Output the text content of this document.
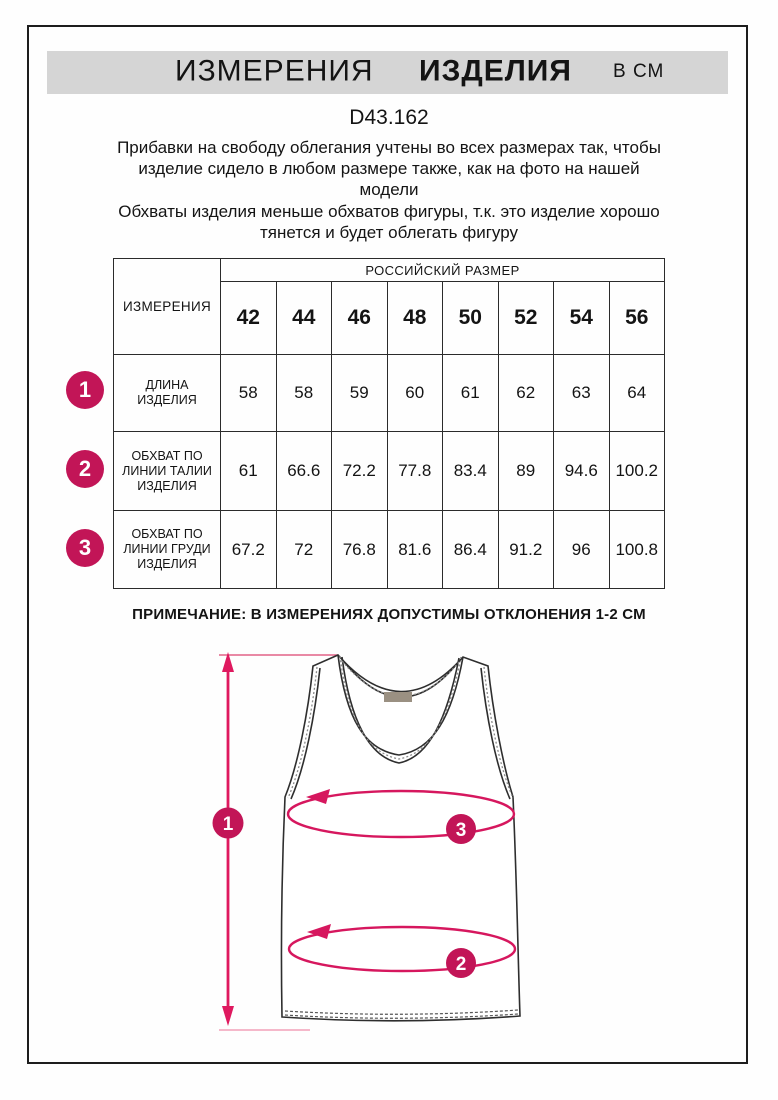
ИЗМЕРЕНИЯ ИЗДЕЛИЯ В СМ
D43.162
Прибавки на свободу облегания учтены во всех размерах так, чтобы
изделие сидело в любом размере также, как на фото на нашей
модели
Обхваты изделия меньше обхватов фигуры, т.к. это изделие хорошо
тянется и будет облегать фигуру
ИЗМЕРЕНИЯ	РОССИЙСКИЙ РАЗМЕР							
	42	44	46	48	50	52	54	56

ДЛИНА
ИЗДЕЛИЯ	58	58	59	60	61	62	63	64

ОБХВАТ ПО
ЛИНИИ ТАЛИИ
ИЗДЕЛИЯ	61	66.6	72.2	77.8	83.4	89	94.6	100.2

ОБХВАТ ПО
ЛИНИИ ГРУДИ
ИЗДЕЛИЯ	67.2	72	76.8	81.6	86.4	91.2	96	100.8
1
2
3
ПРИМЕЧАНИЕ: В ИЗМЕРЕНИЯХ ДОПУСТИМЫ ОТКЛОНЕНИЯ 1-2 СМ
1	3
2
